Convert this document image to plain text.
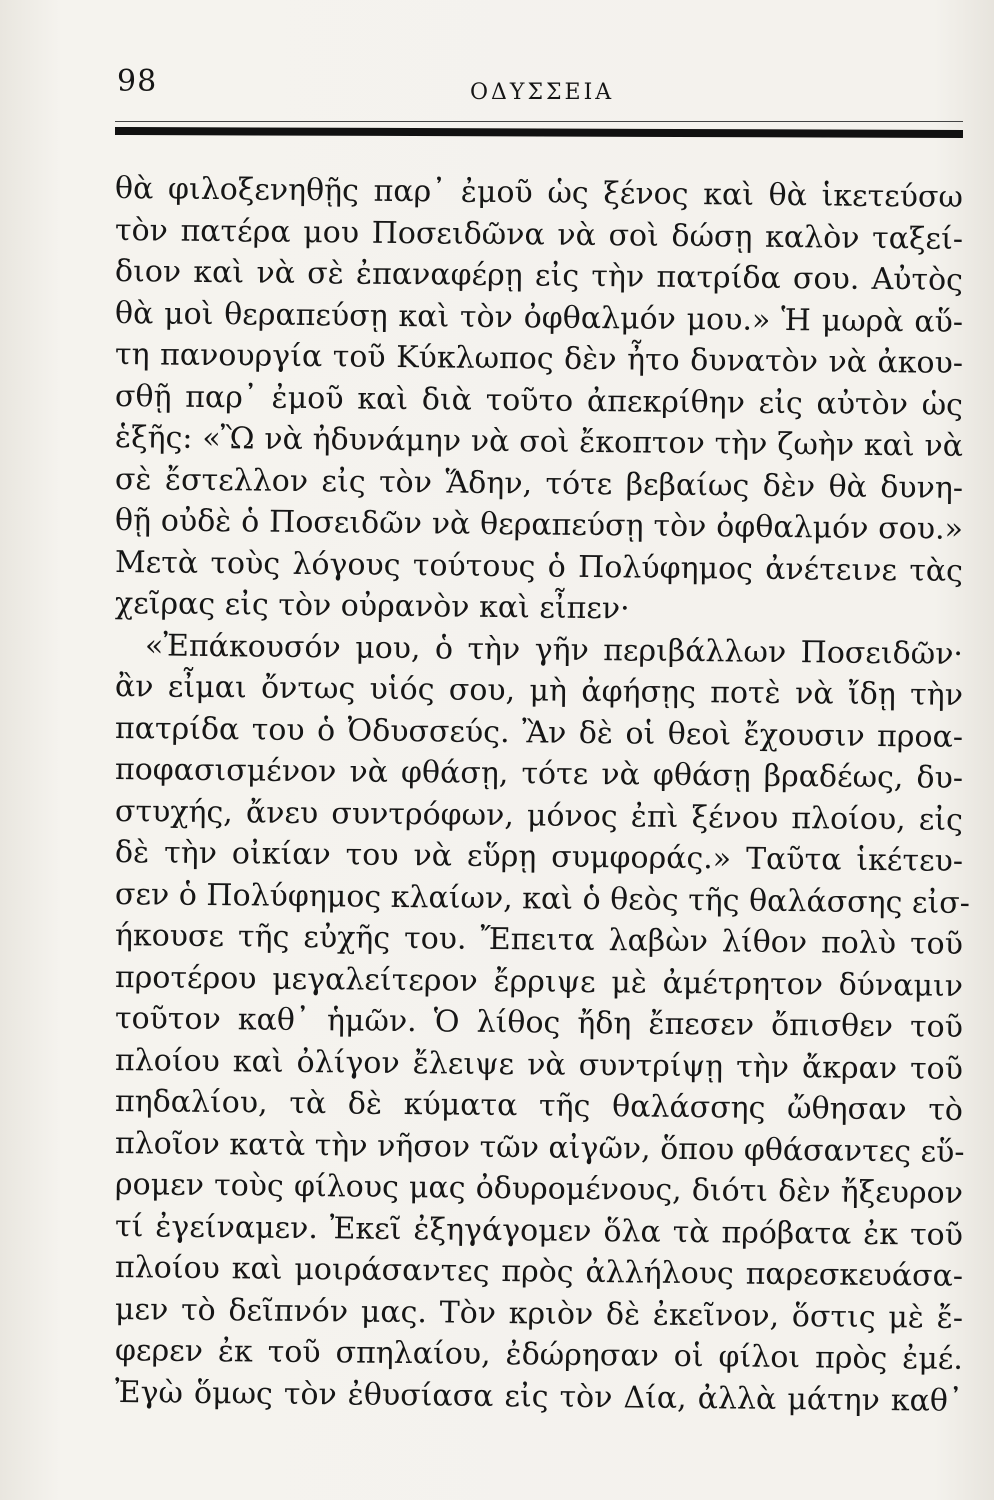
98	ΟΔΥΣΣΕΙΑ
θὰ φιλοξενηθῇς παρ᾽ ἐμοῦ ὡς ξένος καὶ θὰ ἱκετεύσω
τὸν πατέρα μου Ποσειδῶνα νὰ σοὶ δώσῃ καλὸν ταξεί-
διον καὶ νὰ σὲ ἐπαναφέρῃ εἰς τὴν πατρίδα σου. Αὐτὸς
θὰ μοὶ θεραπεύσῃ καὶ τὸν ὀφθαλμόν μου.» Ἡ μωρὰ αὕ-
τη πανουργία τοῦ Κύκλωπος δὲν ἦτο δυνατὸν νὰ ἀκου-
σθῇ παρ᾽ ἐμοῦ καὶ διὰ τοῦτο ἀπεκρίθην εἰς αὐτὸν ὡς
ἑξῆς: «Ὢ νὰ ἠδυνάμην νὰ σοὶ ἔκοπτον τὴν ζωὴν καὶ νὰ
σὲ ἔστελλον εἰς τὸν Ἅδην, τότε βεβαίως δὲν θὰ δυνη-
θῇ οὐδὲ ὁ Ποσειδῶν νὰ θεραπεύσῃ τὸν ὀφθαλμόν σου.»
Μετὰ τοὺς λόγους τούτους ὁ Πολύφημος ἀνέτεινε τὰς
χεῖρας εἰς τὸν οὐρανὸν καὶ εἶπεν·
«Ἐπάκουσόν μου, ὁ τὴν γῆν περιβάλλων Ποσειδῶν·
ἂν εἶμαι ὄντως υἱός σου, μὴ ἀφήσῃς ποτὲ νὰ ἴδῃ τὴν
πατρίδα του ὁ Ὀδυσσεύς. Ἂν δὲ οἱ θεοὶ ἔχουσιν προα-
ποφασισμένον νὰ φθάσῃ, τότε νὰ φθάσῃ βραδέως, δυ-
στυχής, ἄνευ συντρόφων, μόνος ἐπὶ ξένου πλοίου, εἰς
δὲ τὴν οἰκίαν του νὰ εὕρῃ συμφοράς.» Ταῦτα ἱκέτευ-
σεν ὁ Πολύφημος κλαίων, καὶ ὁ θεὸς τῆς θαλάσσης εἰσ-
ήκουσε τῆς εὐχῆς του. Ἔπειτα λαβὼν λίθον πολὺ τοῦ
προτέρου μεγαλείτερον ἔρριψε μὲ ἀμέτρητον δύναμιν
τοῦτον καθ᾽ ἡμῶν. Ὁ λίθος ἤδη ἔπεσεν ὄπισθεν τοῦ
πλοίου καὶ ὀλίγον ἔλειψε νὰ συντρίψῃ τὴν ἄκραν τοῦ
πηδαλίου, τὰ δὲ κύματα τῆς θαλάσσης ὤθησαν τὸ
πλοῖον κατὰ τὴν νῆσον τῶν αἰγῶν, ὅπου φθάσαντες εὕ-
ρομεν τοὺς φίλους μας ὀδυρομένους, διότι δὲν ἤξευρον
τί ἐγείναμεν. Ἐκεῖ ἐξηγάγομεν ὅλα τὰ πρόβατα ἐκ τοῦ
πλοίου καὶ μοιράσαντες πρὸς ἀλλήλους παρεσκευάσα-
μεν τὸ δεῖπνόν μας. Τὸν κριὸν δὲ ἐκεῖνον, ὅστις μὲ ἔ-
φερεν ἐκ τοῦ σπηλαίου, ἐδώρησαν οἱ φίλοι πρὸς ἐμέ.
Ἐγὼ ὅμως τὸν ἐθυσίασα εἰς τὸν Δία, ἀλλὰ μάτην καθ᾽
